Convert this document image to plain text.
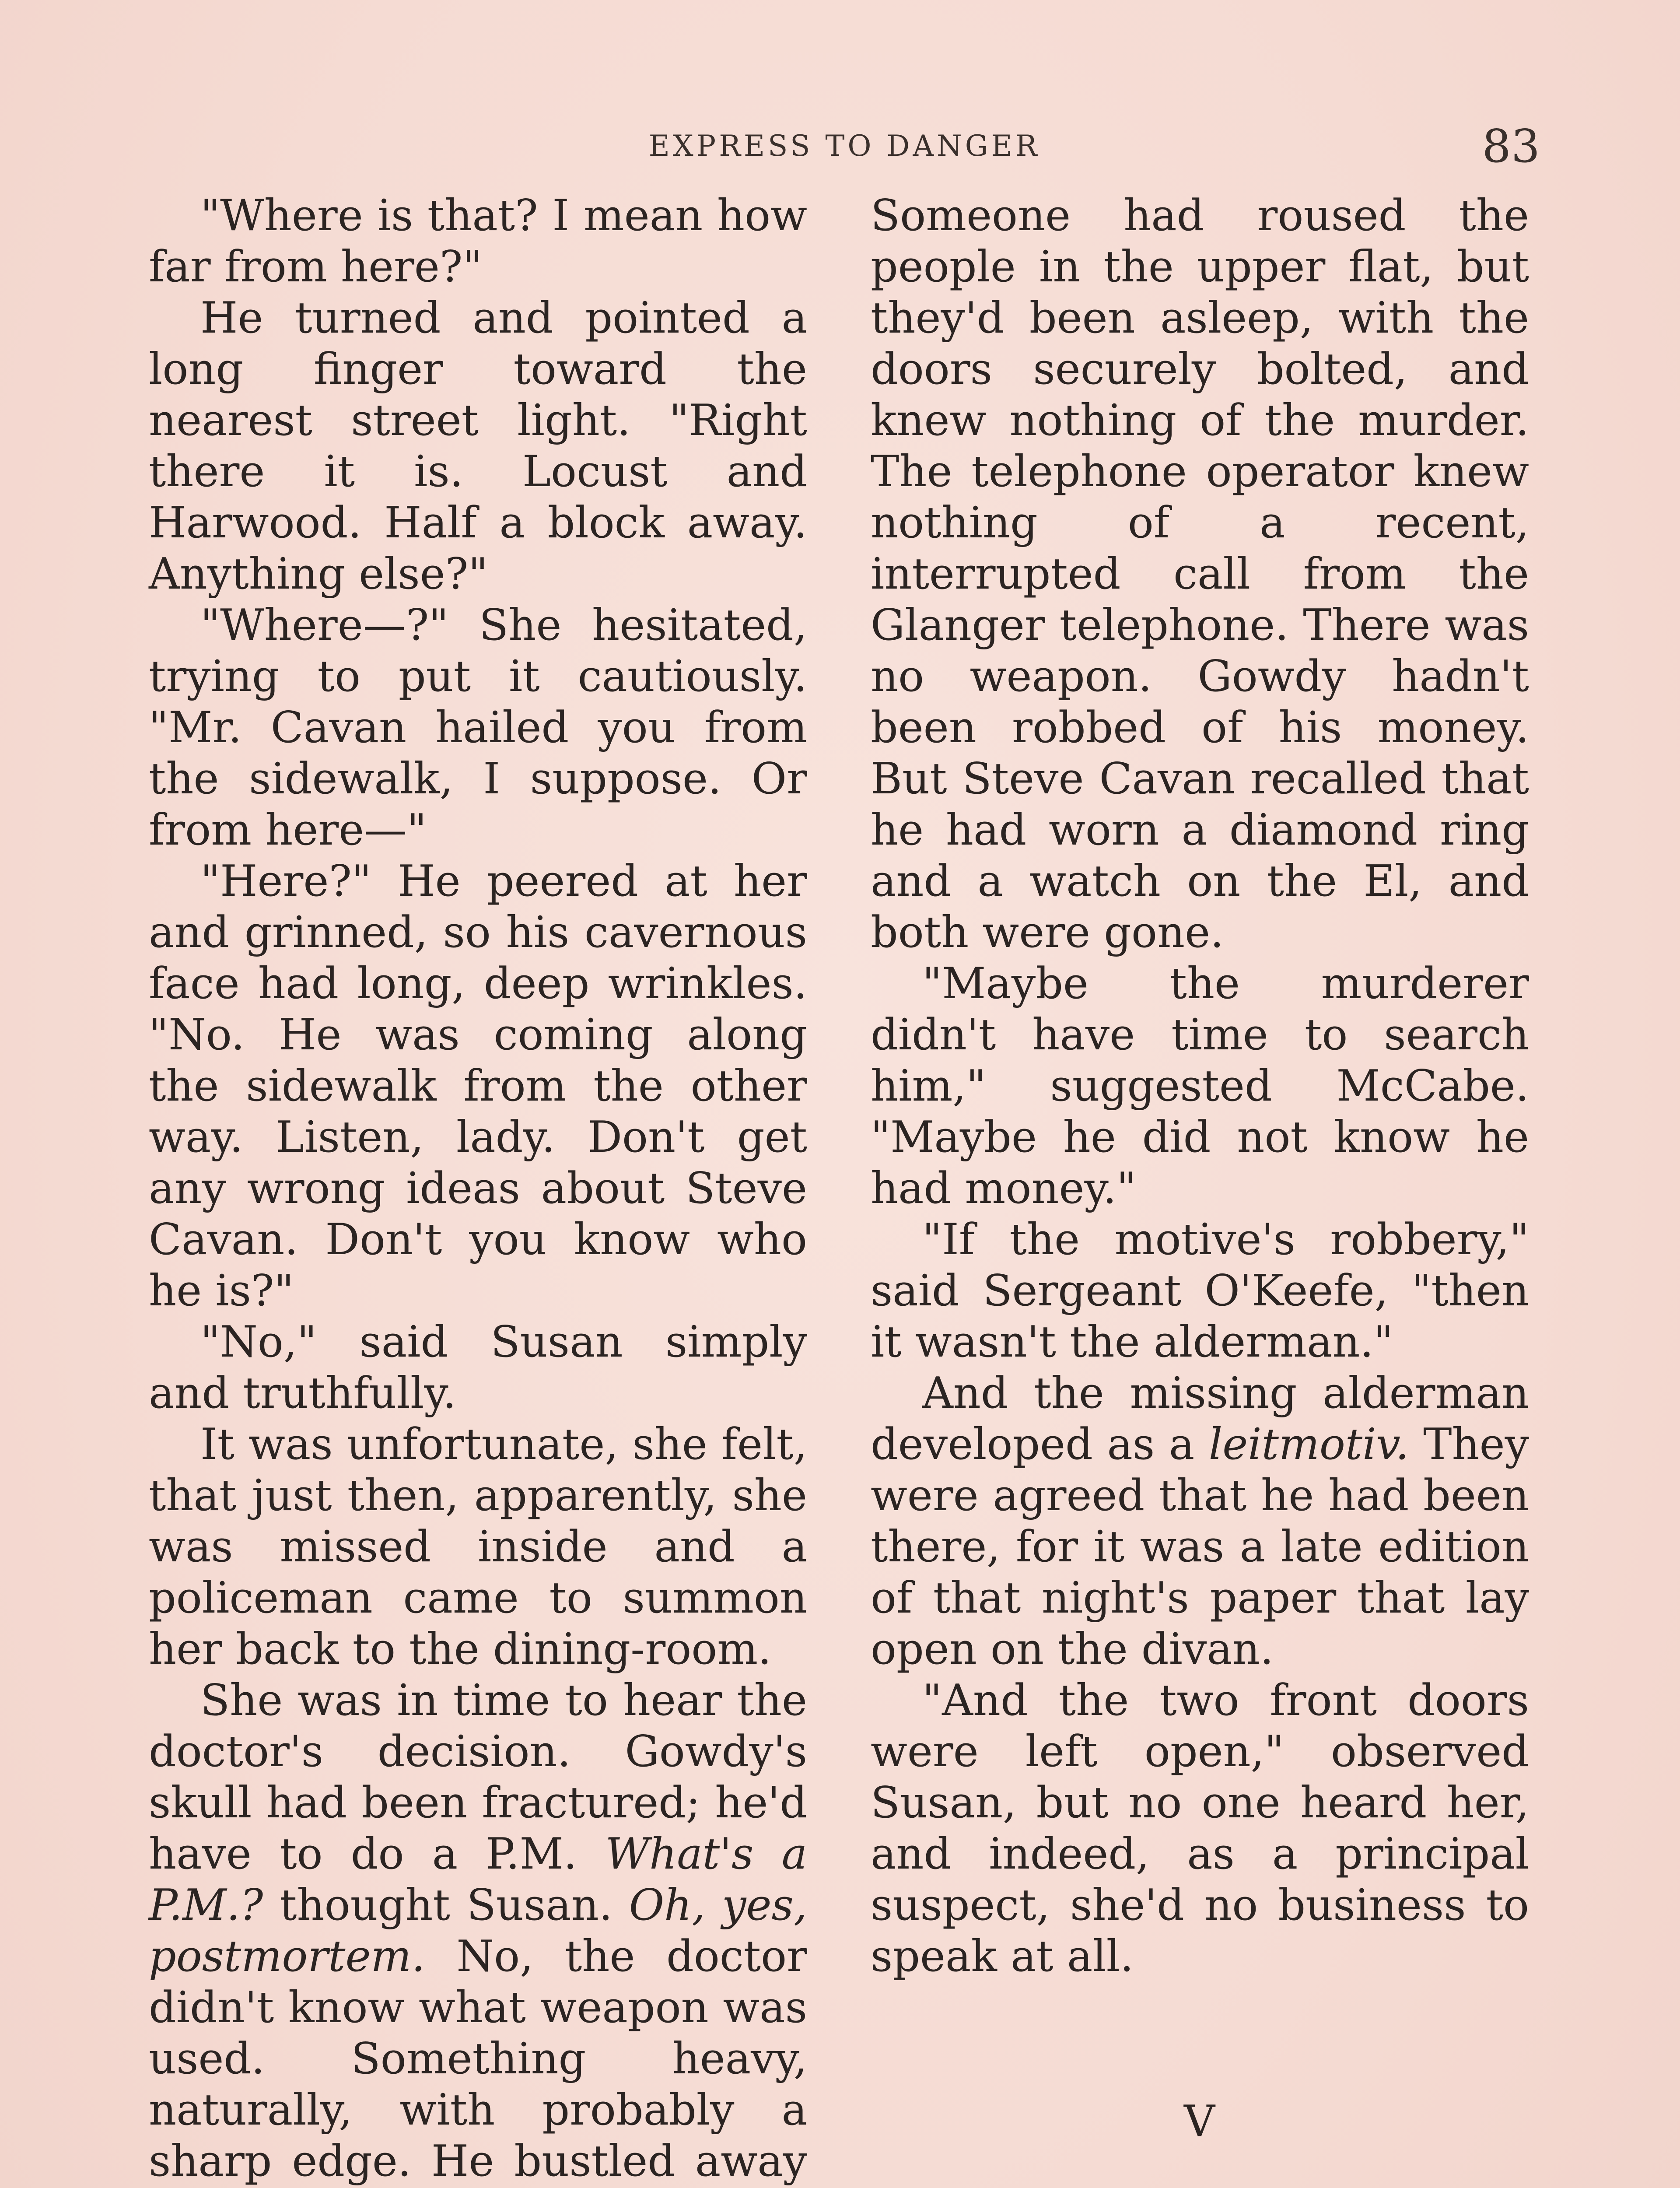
EXPRESS TO DANGER	83

"Where is that? I mean how far from here?"

He turned and pointed a long finger toward the nearest street light. "Right there it is. Locust and Harwood. Half a block away. Anything else?"

"Where—?" She hesitated, trying to put it cautiously. "Mr. Cavan hailed you from the sidewalk, I suppose. Or from here—"

"Here?" He peered at her and grinned, so his cavernous face had long, deep wrinkles. "No. He was coming along the sidewalk from the other way. Listen, lady. Don't get any wrong ideas about Steve Cavan. Don't you know who he is?"

"No," said Susan simply and truthfully.

It was unfortunate, she felt, that just then, apparently, she was missed inside and a policeman came to summon her back to the dining-room.

She was in time to hear the doctor's decision. Gowdy's skull had been fractured; he'd have to do a P.M. What's a P.M.? thought Susan. Oh, yes, postmortem. No, the doctor didn't know what weapon was used. Something heavy, naturally, with probably a sharp edge. He bustled away

Someone had roused the people in the upper flat, but they'd been asleep, with the doors securely bolted, and knew nothing of the murder. The telephone operator knew nothing of a recent, interrupted call from the Glanger telephone. There was no weapon. Gowdy hadn't been robbed of his money. But Steve Cavan recalled that he had worn a diamond ring and a watch on the El, and both were gone.

"Maybe the murderer didn't have time to search him," suggested McCabe. "Maybe he did not know he had money."

"If the motive's robbery," said Sergeant O'Keefe, "then it wasn't the alderman."

And the missing alderman developed as a leitmotiv. They were agreed that he had been there, for it was a late edition of that night's paper that lay open on the divan.

"And the two front doors were left open," observed Susan, but no one heard her, and indeed, as a principal suspect, she'd no business to speak at all.

V
